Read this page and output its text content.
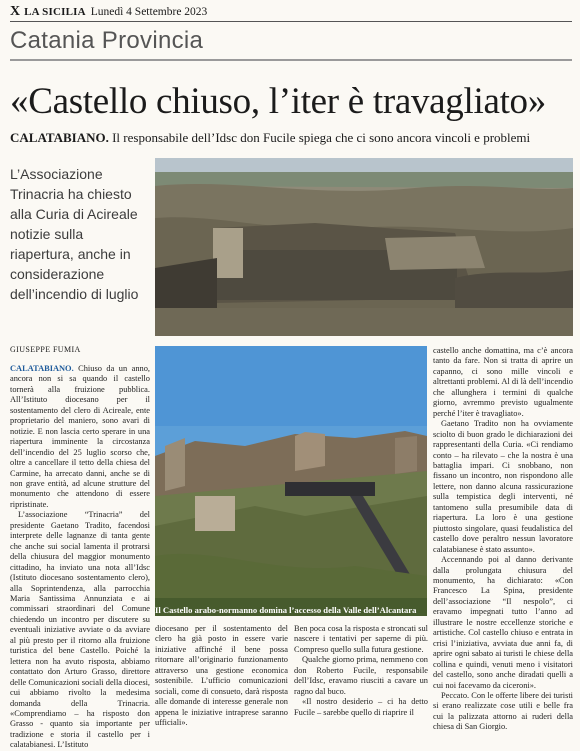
X LA SICILIA Lunedì 4 Settembre 2023
Catania Provincia
«Castello chiuso, l’iter è travagliato»
CALATABIANO. Il responsabile dell’Idsc don Fucile spiega che ci sono ancora vincoli e problemi
L’Associazione Trinacria ha chiesto alla Curia di Acireale notizie sulla riapertura, anche in considerazione dell’incendio di luglio
GIUSEPPE FUMIA

CALATABIANO. Chiuso da un anno, ancora non si sa quando il castello tornerà alla fruizione pubblica. All’Istituto diocesano per il sostentamento del clero di Acireale, ente proprietario del maniero, sono avari di notizie. E non lascia certo sperare in una riapertura imminente la circostanza dell’incendio del 25 luglio scorso che, oltre a cancellare il tetto della chiesa del Carmine, ha arrecato danni, anche se di non grave entità, ad alcune strutture del monumento che attendono di essere ripristinate.

L’associazione “Trinacria” del presidente Gaetano Tradito, facendosi interprete delle lagnanze di tanta gente che anche sui social lamenta il protrarsi della chiusura del maggior monumento cittadino, ha inviato una nota all’Idsc (Istituto diocesano sostentamento clero), alla Soprintendenza, alla parrocchia Maria Santissima Annunziata e ai commissari straordinari del Comune chiedendo un incontro per discutere su eventuali iniziative avviate o da avviare al più presto per il ritorno alla fruizione turistica del bene Castello. Poiché la lettera non ha avuto risposta, abbiamo contattato don Arturo Grasso, direttore delle Comunicazioni sociali della diocesi, cui abbiamo rivolto la medesima domanda della Trinacria. «Comprendiamo – ha risposto don Grasso - quanto sia importante per tradizione e storia il castello per i calatabianesi. L’Istituto

Il Castello arabo-normanno domina l’accesso della Valle dell’Alcantara

diocesano per il sostentamento del clero ha già posto in essere varie iniziative affinché il bene possa ritornare all’originario funzionamento attraverso una gestione economica sostenibile. L’ufficio comunicazioni sociali, come di consueto, darà risposta alle domande di interesse generale non appena le iniziative intraprese saranno ufficiali».

Ben poca cosa la risposta e stroncati sul nascere i tentativi per saperne di più. Compreso quello sulla futura gestione.

Qualche giorno prima, nemmeno con don Roberto Fucile, responsabile dell’Idsc, eravamo riusciti a cavare un ragno dal buco.

«Il nostro desiderio – ci ha detto Fucile – sarebbe quello di riaprire il

castello anche domattina, ma c’è ancora tanto da fare. Non si tratta di aprire un capanno, ci sono mille vincoli e altrettanti problemi. Al di là dell’incendio che allunghera i termini di qualche giorno, avremmo previsto ugualmente perché l’iter è travagliato».

Gaetano Tradito non ha ovviamente sciolto di buon grado le dichiarazioni dei rappresentanti della Curia. «Ci rendiamo conto – ha rilevato – che la nostra è una battaglia impari. Ci snobbano, non fissano un incontro, non rispondono alle lettere, non danno alcuna rassicurazione sulla tempistica degli interventi, né tantomeno sulla presumibile data di riapertura. La loro è una gestione piuttosto singolare, quasi feudalistica del castello dove peraltro nessun lavoratore calatabianese è stato assunto».

Accennando poi al danno derivante dalla prolungata chiusura del monumento, ha dichiarato: «Con Francesco La Spina, presidente dell’associazione “Il nespolo”, ci eravamo impegnati tutto l’anno ad illustrare le nostre eccellenze storiche e artistiche. Col castello chiuso e entrata in crisi l’iniziativa, avviata due anni fa, di aprire ogni sabato ai turisti le chiese della collina e quindi, venuti meno i visitatori del castello, sono anche diradati quelli a cui noi facevamo da ciceroni».

Peccato. Con le offerte libere dei turisti si erano realizzate cose utili e belle fra cui la palizzata attorno ai ruderi della chiesa di San Giorgio.
